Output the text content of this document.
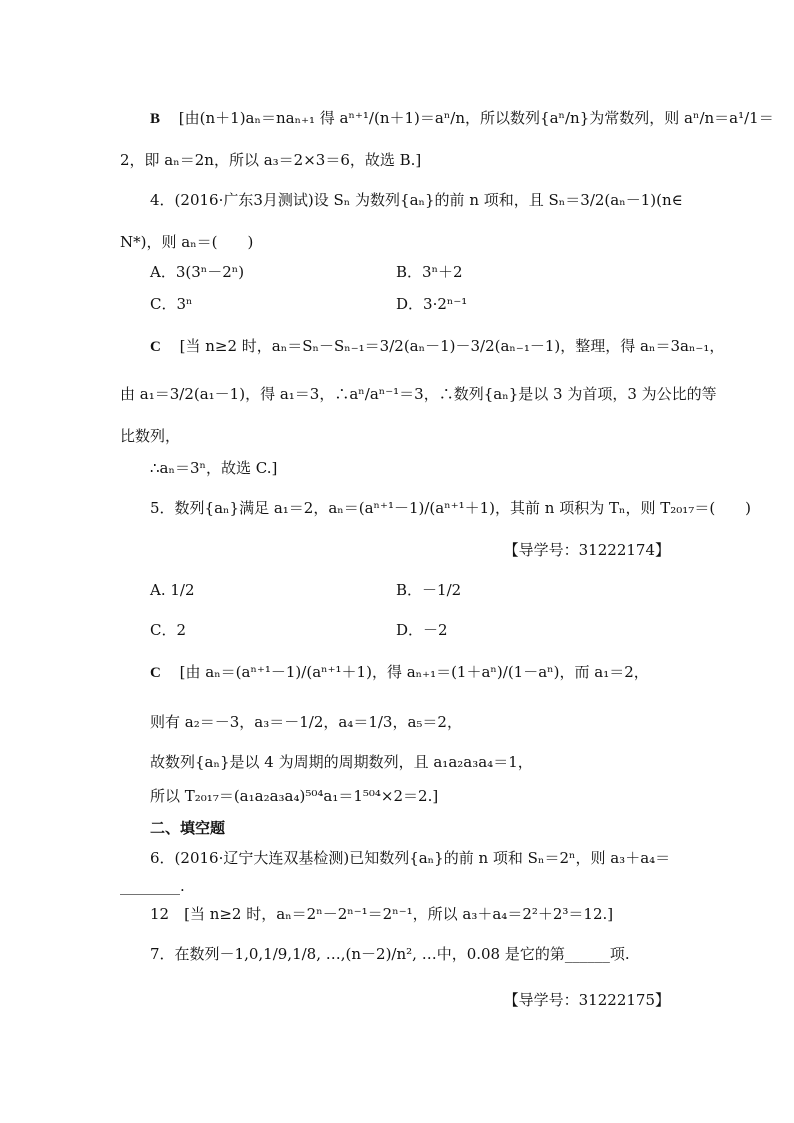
B [由(n＋1)aₙ＝naₙ₊₁ 得 aⁿ⁺¹/(n＋1)＝aⁿ/n，所以数列{aⁿ/n}为常数列，则 aⁿ/n＝a¹/1＝
2，即 aₙ＝2n，所以 a₃＝2×3＝6，故选 B.]
4．(2016·广东3月测试)设 Sₙ 为数列{aₙ}的前 n 项和，且 Sₙ＝3/2(aₙ－1)(n∈
N*)，则 aₙ＝(　　)
A．3(3ⁿ－2ⁿ)	B．3ⁿ＋2
C．3ⁿ	D．3·2ⁿ⁻¹
C [当 n≥2 时，aₙ＝Sₙ－Sₙ₋₁＝3/2(aₙ－1)－3/2(aₙ₋₁－1)，整理，得 aₙ＝3aₙ₋₁，
由 a₁＝3/2(a₁－1)，得 a₁＝3，∴aⁿ/aⁿ⁻¹＝3，∴数列{aₙ}是以 3 为首项，3 为公比的等
比数列，
∴aₙ＝3ⁿ，故选 C.]
5．数列{aₙ}满足 a₁＝2，aₙ＝(aⁿ⁺¹－1)/(aⁿ⁺¹＋1)，其前 n 项积为 Tₙ，则 T₂₀₁₇＝(　　)
【导学号：31222174】
A. 1/2	B．－1/2
C．2	D．－2
C [由 aₙ＝(aⁿ⁺¹－1)/(aⁿ⁺¹＋1)，得 aₙ₊₁＝(1＋aⁿ)/(1－aⁿ)，而 a₁＝2，
则有 a₂＝－3，a₃＝－1/2，a₄＝1/3，a₅＝2，
故数列{aₙ}是以 4 为周期的周期数列，且 a₁a₂a₃a₄＝1，
所以 T₂₀₁₇＝(a₁a₂a₃a₄)⁵⁰⁴a₁＝1⁵⁰⁴×2＝2.]
二、填空题
6．(2016·辽宁大连双基检测)已知数列{aₙ}的前 n 项和 Sₙ＝2ⁿ，则 a₃＋a₄＝
________.
12　[当 n≥2 时，aₙ＝2ⁿ－2ⁿ⁻¹＝2ⁿ⁻¹，所以 a₃＋a₄＝2²＋2³＝12.]
7．在数列－1,0,1/9,1/8, …,(n－2)/n², …中，0.08 是它的第______项.
【导学号：31222175】
